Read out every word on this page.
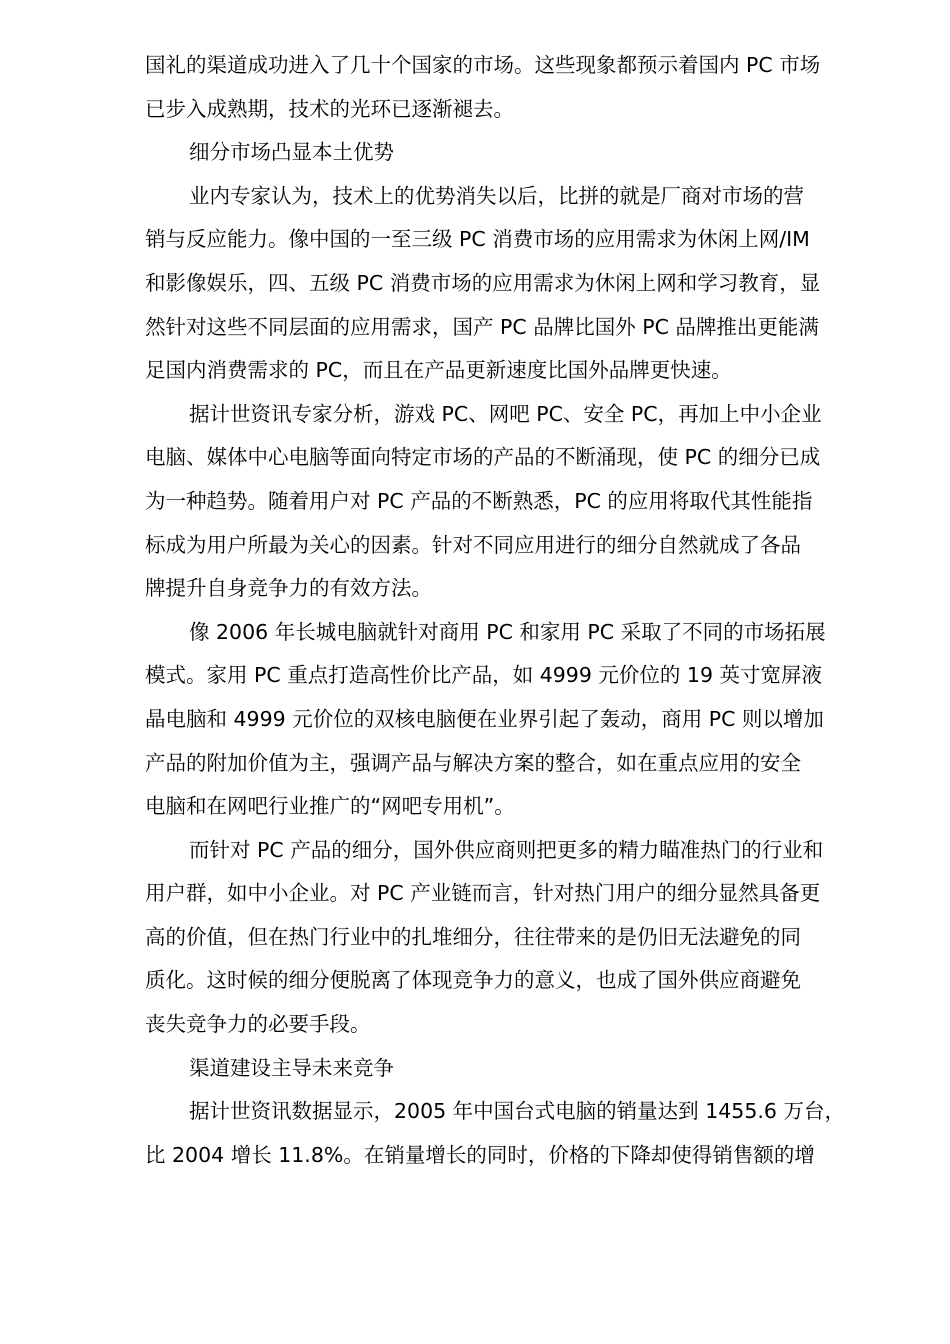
国礼的渠道成功进入了几十个国家的市场。这些现象都预示着国内 PC 市场
已步入成熟期，技术的光环已逐渐褪去。
细分市场凸显本土优势
业内专家认为，技术上的优势消失以后，比拼的就是厂商对市场的营
销与反应能力。像中国的一至三级 PC 消费市场的应用需求为休闲上网/IM
和影像娱乐，四、五级 PC 消费市场的应用需求为休闲上网和学习教育，显
然针对这些不同层面的应用需求，国产 PC 品牌比国外 PC 品牌推出更能满
足国内消费需求的 PC，而且在产品更新速度比国外品牌更快速。
据计世资讯专家分析，游戏 PC、网吧 PC、安全 PC，再加上中小企业
电脑、媒体中心电脑等面向特定市场的产品的不断涌现，使 PC 的细分已成
为一种趋势。随着用户对 PC 产品的不断熟悉，PC 的应用将取代其性能指
标成为用户所最为关心的因素。针对不同应用进行的细分自然就成了各品
牌提升自身竞争力的有效方法。
像 2006 年长城电脑就针对商用 PC 和家用 PC 采取了不同的市场拓展
模式。家用 PC 重点打造高性价比产品，如 4999 元价位的 19 英寸宽屏液
晶电脑和 4999 元价位的双核电脑便在业界引起了轰动，商用 PC 则以增加
产品的附加价值为主，强调产品与解决方案的整合，如在重点应用的安全
电脑和在网吧行业推广的“网吧专用机”。
而针对 PC 产品的细分，国外供应商则把更多的精力瞄准热门的行业和
用户群，如中小企业。对 PC 产业链而言，针对热门用户的细分显然具备更
高的价值，但在热门行业中的扎堆细分，往往带来的是仍旧无法避免的同
质化。这时候的细分便脱离了体现竞争力的意义，也成了国外供应商避免
丧失竞争力的必要手段。
渠道建设主导未来竞争
据计世资讯数据显示，2005 年中国台式电脑的销量达到 1455.6 万台，
比 2004 增长 11.8%。在销量增长的同时，价格的下降却使得销售额的增
